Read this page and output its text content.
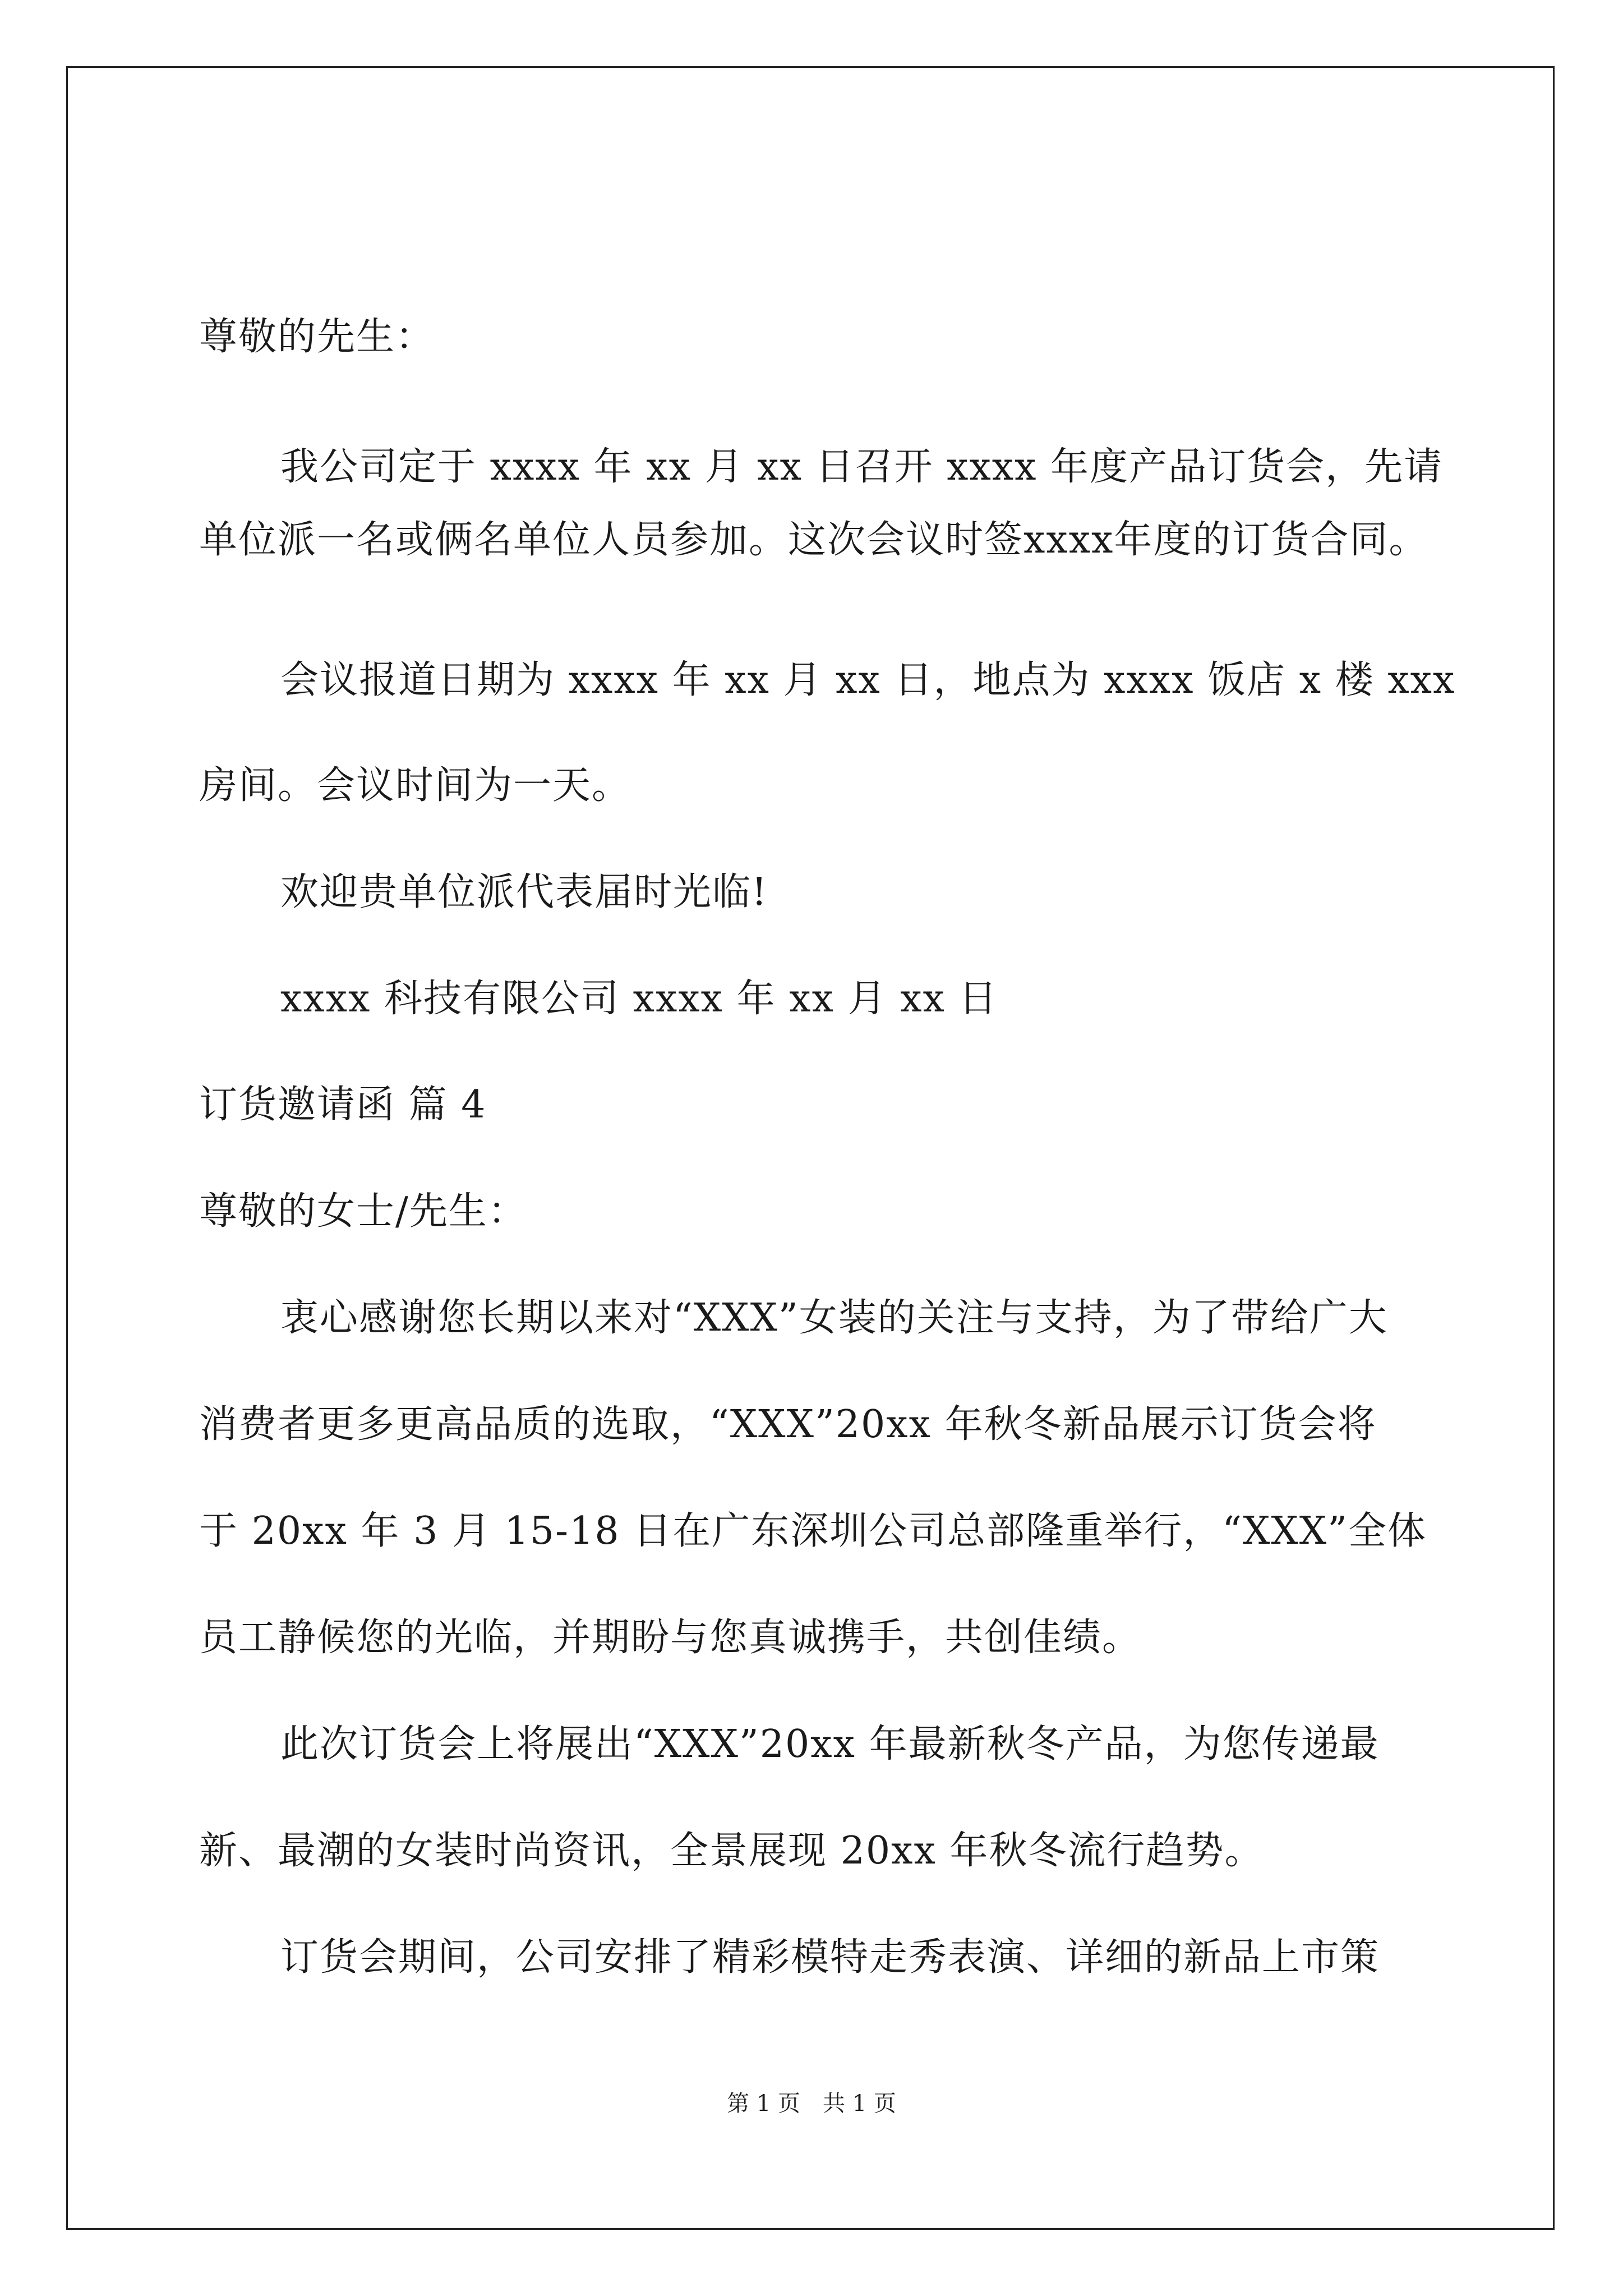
尊敬的先生：
我公司定于 xxxx 年 xx 月 xx 日召开 xxxx 年度产品订货会，先请
单位派一名或俩名单位人员参加。这次会议时签xxxx年度的订货合同。
会议报道日期为 xxxx 年 xx 月 xx 日，地点为 xxxx 饭店 x 楼 xxx
房间。会议时间为一天。
欢迎贵单位派代表届时光临!
xxxx 科技有限公司 xxxx 年 xx 月 xx 日
订货邀请函 篇 4
尊敬的女士/先生：
衷心感谢您长期以来对“XXX”女装的关注与支持，为了带给广大
消费者更多更高品质的选取，“XXX”20xx 年秋冬新品展示订货会将
于 20xx 年 3 月 15-18 日在广东深圳公司总部隆重举行，“XXX”全体
员工静候您的光临，并期盼与您真诚携手，共创佳绩。
此次订货会上将展出“XXX”20xx 年最新秋冬产品，为您传递最
新、最潮的女装时尚资讯，全景展现 20xx 年秋冬流行趋势。
订货会期间，公司安排了精彩模特走秀表演、详细的新品上市策
第 1 页 共 1 页
